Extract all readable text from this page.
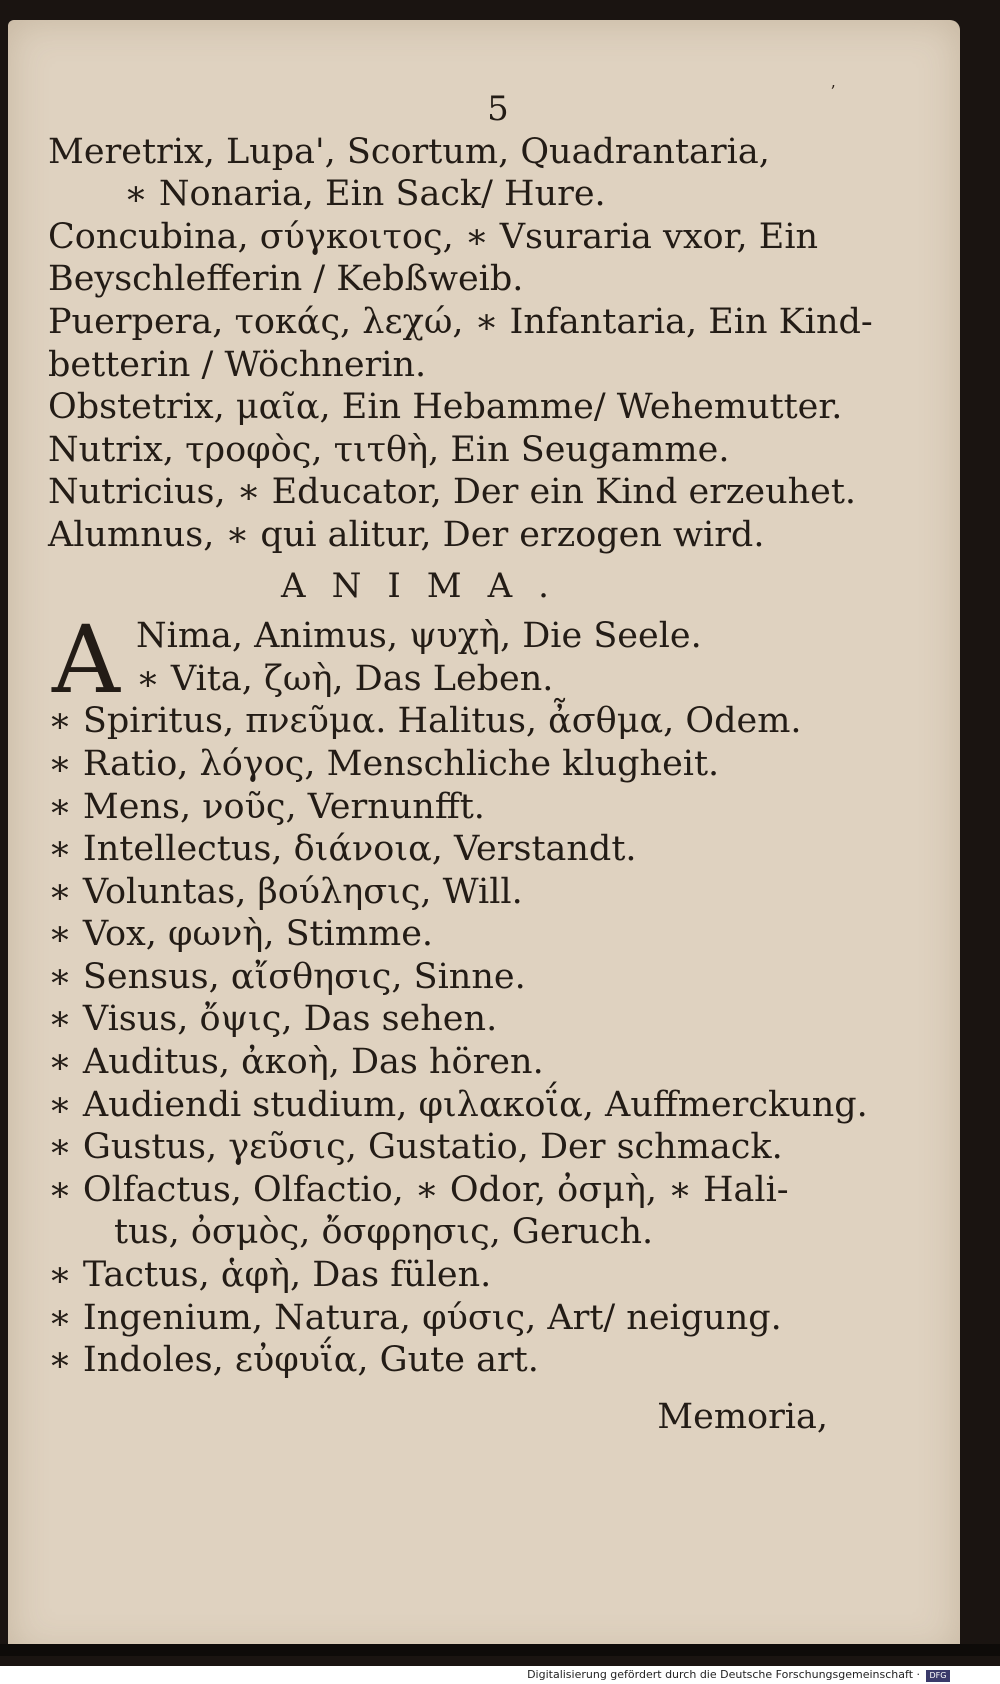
ʼ
5
Meretrix, Lupa', Scortum, Quadrantaria,
∗ Nonaria, Ein Sack/ Hure.
Concubina, σύγκοιτος, ∗ Vsuraria vxor, Ein
Beyschlefferin / Kebßweib.
Puerpera, τοκάς, λεχώ, ∗ Infantaria, Ein Kind-
betterin / Wöchnerin.
Obstetrix, μαῖα, Ein Hebamme/ Wehemutter.
Nutrix, τροφὸς, τιτθὴ, Ein Seugamme.
Nutricius, ∗ Educator, Der ein Kind erzeuhet.
Alumnus, ∗ qui alitur, Der erzogen wird.
ANIMA.
A Nima, Animus, ψυχὴ, Die Seele.
∗ Vita, ζωὴ, Das Leben.
∗ Spiritus, πνεῦμα. Halitus, ἆσθμα, Odem.
∗ Ratio, λόγος, Menschliche klugheit.
∗ Mens, νοῦς, Vernunfft.
∗ Intellectus, διάνοια, Verstandt.
∗ Voluntas, βούλησις, Will.
∗ Vox, φωνὴ, Stimme.
∗ Sensus, αἴσθησις, Sinne.
∗ Visus, ὄψις, Das sehen.
∗ Auditus, ἀκοὴ, Das hören.
∗ Audiendi studium, φιλακοΐα, Auffmerckung.
∗ Gustus, γεῦσις, Gustatio, Der schmack.
∗ Olfactus, Olfactio, ∗ Odor, ὀσμὴ, ∗ Hali-
tus, ὀσμὸς, ὄσφρησις, Geruch.
∗ Tactus, ἁφὴ, Das fülen.
∗ Ingenium, Natura, φύσις, Art/ neigung.
∗ Indoles, εὐφυΐα, Gute art.
Memoria,
Digitalisierung gefördert durch die Deutsche Forschungsgemeinschaft ·	DFG
